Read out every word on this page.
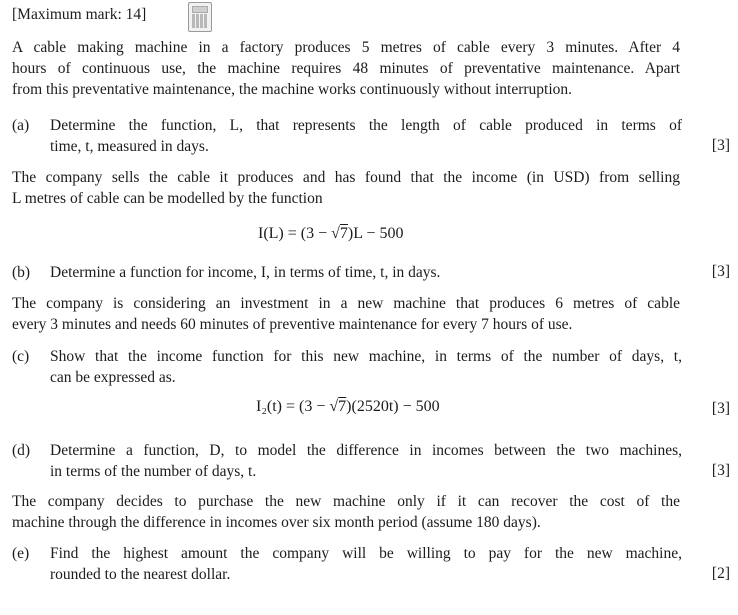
[Maximum mark: 14]
A cable making machine in a factory produces 5 metres of cable every 3 minutes. After 4
hours of continuous use, the machine requires 48 minutes of preventative maintenance. Apart
from this preventative maintenance, the machine works continuously without interruption.
(a) Determine the function, L, that represents the length of cable produced in terms of
time, t, measured in days.	[3]
The company sells the cable it produces and has found that the income (in USD) from selling
L metres of cable can be modelled by the function
I(L) = (3 − √7)L − 500
(b) Determine a function for income, I, in terms of time, t, in days.	[3]
The company is considering an investment in a new machine that produces 6 metres of cable
every 3 minutes and needs 60 minutes of preventive maintenance for every 7 hours of use.
(c) Show that the income function for this new machine, in terms of the number of days, t,
can be expressed as.
I₂(t) = (3 − √7)(2520t) − 500	[3]
(d) Determine a function, D, to model the difference in incomes between the two machines,
in terms of the number of days, t.	[3]
The company decides to purchase the new machine only if it can recover the cost of the
machine through the difference in incomes over six month period (assume 180 days).
(e) Find the highest amount the company will be willing to pay for the new machine,
rounded to the nearest dollar.	[2]
